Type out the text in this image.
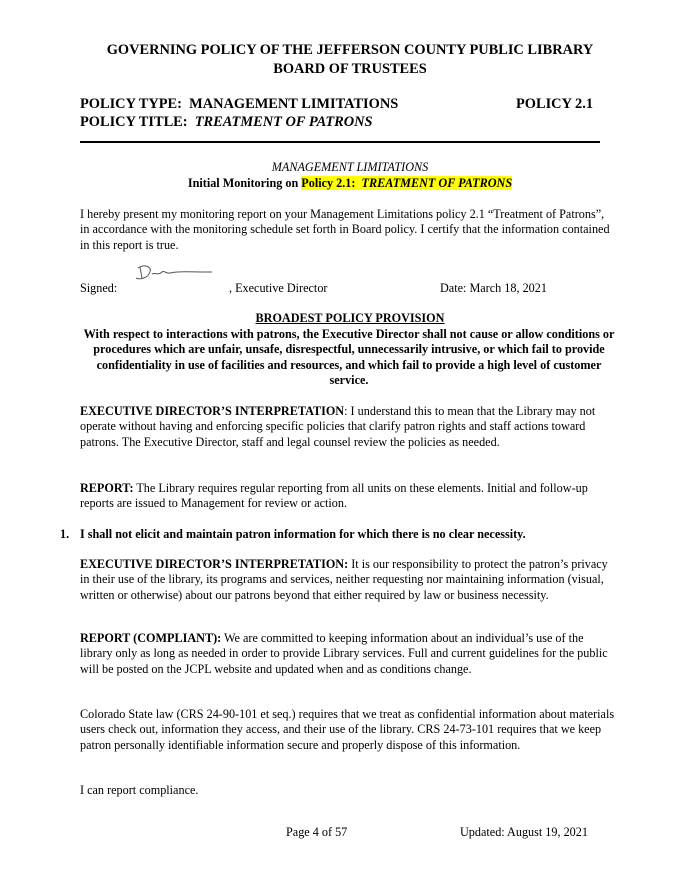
GOVERNING POLICY OF THE JEFFERSON COUNTY PUBLIC LIBRARY
BOARD OF TRUSTEES
POLICY TYPE: MANAGEMENT LIMITATIONS	POLICY 2.1
POLICY TITLE: TREATMENT OF PATRONS
MANAGEMENT LIMITATIONS
Initial Monitoring on Policy 2.1: TREATMENT OF PATRONS
I hereby present my monitoring report on your Management Limitations policy 2.1 “Treatment of Patrons”, in accordance with the monitoring schedule set forth in Board policy. I certify that the information contained in this report is true.
Signed:	, Executive Director	Date: March 18, 2021
BROADEST POLICY PROVISION
With respect to interactions with patrons, the Executive Director shall not cause or allow conditions or procedures which are unfair, unsafe, disrespectful, unnecessarily intrusive, or which fail to provide confidentiality in use of facilities and resources, and which fail to provide a high level of customer service.
EXECUTIVE DIRECTOR’S INTERPRETATION: I understand this to mean that the Library may not operate without having and enforcing specific policies that clarify patron rights and staff actions toward patrons. The Executive Director, staff and legal counsel review the policies as needed.
REPORT: The Library requires regular reporting from all units on these elements. Initial and follow-up reports are issued to Management for review or action.
1. I shall not elicit and maintain patron information for which there is no clear necessity.
EXECUTIVE DIRECTOR’S INTERPRETATION: It is our responsibility to protect the patron’s privacy in their use of the library, its programs and services, neither requesting nor maintaining information (visual, written or otherwise) about our patrons beyond that either required by law or business necessity.
REPORT (COMPLIANT): We are committed to keeping information about an individual’s use of the library only as long as needed in order to provide Library services. Full and current guidelines for the public will be posted on the JCPL website and updated when and as conditions change.
Colorado State law (CRS 24-90-101 et seq.) requires that we treat as confidential information about materials users check out, information they access, and their use of the library. CRS 24-73-101 requires that we keep patron personally identifiable information secure and properly dispose of this information.
I can report compliance.
Page 4 of 57	Updated: August 19, 2021
